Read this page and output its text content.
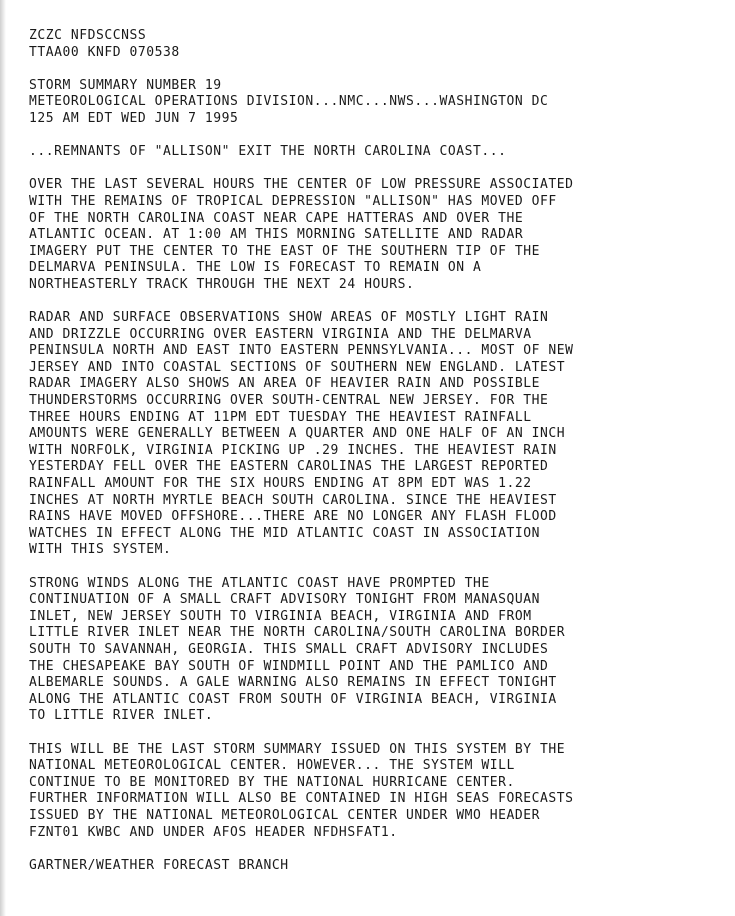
ZCZC NFDSCCNSS
TTAA00 KNFD 070538
STORM SUMMARY NUMBER 19
METEOROLOGICAL OPERATIONS DIVISION...NMC...NWS...WASHINGTON DC
125 AM EDT WED JUN 7 1995
...REMNANTS OF "ALLISON" EXIT THE NORTH CAROLINA COAST...
OVER THE LAST SEVERAL HOURS THE CENTER OF LOW PRESSURE ASSOCIATED
WITH THE REMAINS OF TROPICAL DEPRESSION "ALLISON" HAS MOVED OFF
OF THE NORTH CAROLINA COAST NEAR CAPE HATTERAS AND OVER THE
ATLANTIC OCEAN. AT 1:00 AM THIS MORNING SATELLITE AND RADAR
IMAGERY PUT THE CENTER TO THE EAST OF THE SOUTHERN TIP OF THE
DELMARVA PENINSULA. THE LOW IS FORECAST TO REMAIN ON A
NORTHEASTERLY TRACK THROUGH THE NEXT 24 HOURS.
RADAR AND SURFACE OBSERVATIONS SHOW AREAS OF MOSTLY LIGHT RAIN
AND DRIZZLE OCCURRING OVER EASTERN VIRGINIA AND THE DELMARVA
PENINSULA NORTH AND EAST INTO EASTERN PENNSYLVANIA... MOST OF NEW
JERSEY AND INTO COASTAL SECTIONS OF SOUTHERN NEW ENGLAND. LATEST
RADAR IMAGERY ALSO SHOWS AN AREA OF HEAVIER RAIN AND POSSIBLE
THUNDERSTORMS OCCURRING OVER SOUTH-CENTRAL NEW JERSEY. FOR THE
THREE HOURS ENDING AT 11PM EDT TUESDAY THE HEAVIEST RAINFALL
AMOUNTS WERE GENERALLY BETWEEN A QUARTER AND ONE HALF OF AN INCH
WITH NORFOLK, VIRGINIA PICKING UP .29 INCHES. THE HEAVIEST RAIN
YESTERDAY FELL OVER THE EASTERN CAROLINAS THE LARGEST REPORTED
RAINFALL AMOUNT FOR THE SIX HOURS ENDING AT 8PM EDT WAS 1.22
INCHES AT NORTH MYRTLE BEACH SOUTH CAROLINA. SINCE THE HEAVIEST
RAINS HAVE MOVED OFFSHORE...THERE ARE NO LONGER ANY FLASH FLOOD
WATCHES IN EFFECT ALONG THE MID ATLANTIC COAST IN ASSOCIATION
WITH THIS SYSTEM.
STRONG WINDS ALONG THE ATLANTIC COAST HAVE PROMPTED THE
CONTINUATION OF A SMALL CRAFT ADVISORY TONIGHT FROM MANASQUAN
INLET, NEW JERSEY SOUTH TO VIRGINIA BEACH, VIRGINIA AND FROM
LITTLE RIVER INLET NEAR THE NORTH CAROLINA/SOUTH CAROLINA BORDER
SOUTH TO SAVANNAH, GEORGIA. THIS SMALL CRAFT ADVISORY INCLUDES
THE CHESAPEAKE BAY SOUTH OF WINDMILL POINT AND THE PAMLICO AND
ALBEMARLE SOUNDS. A GALE WARNING ALSO REMAINS IN EFFECT TONIGHT
ALONG THE ATLANTIC COAST FROM SOUTH OF VIRGINIA BEACH, VIRGINIA
TO LITTLE RIVER INLET.
THIS WILL BE THE LAST STORM SUMMARY ISSUED ON THIS SYSTEM BY THE
NATIONAL METEOROLOGICAL CENTER. HOWEVER... THE SYSTEM WILL
CONTINUE TO BE MONITORED BY THE NATIONAL HURRICANE CENTER.
FURTHER INFORMATION WILL ALSO BE CONTAINED IN HIGH SEAS FORECASTS
ISSUED BY THE NATIONAL METEOROLOGICAL CENTER UNDER WMO HEADER
FZNT01 KWBC AND UNDER AFOS HEADER NFDHSFAT1.
GARTNER/WEATHER FORECAST BRANCH
